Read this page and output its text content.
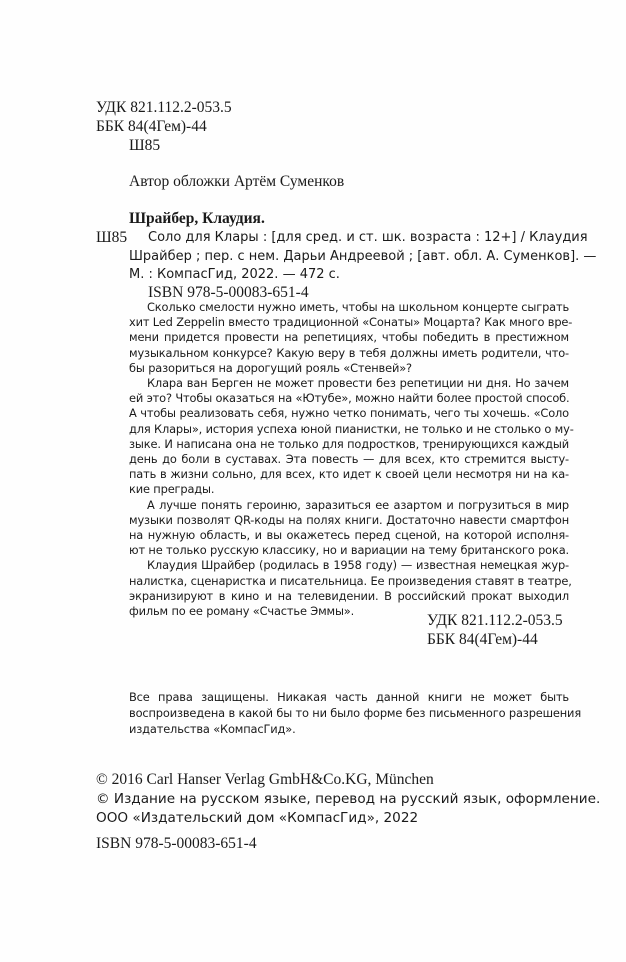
УДК 821.112.2-053.5
ББК 84(4Гем)-44
Ш85
Автор обложки Артём Суменков
Шрайбер, Клаудия.
Ш85 Соло для Клары : [для сред. и ст. шк. возраста : 12+] / Клаудия
Шрайбер ; пер. с нем. Дарьи Андреевой ; [авт. обл. А. Суменков]. —
М. : КомпасГид, 2022. — 472 с.
ISBN 978-5-00083-651-4

Сколько смелости нужно иметь, чтобы на школьном концерте сыграть
хит Led Zeppelin вместо традиционной «Сонаты» Моцарта? Как много вре-
мени придется провести на репетициях, чтобы победить в престижном
музыкальном конкурсе? Какую веру в тебя должны иметь родители, что-
бы разориться на дорогущий рояль «Стенвей»?

Клара ван Берген не может провести без репетиции ни дня. Но зачем
ей это? Чтобы оказаться на «Ютубе», можно найти более простой способ.
А чтобы реализовать себя, нужно четко понимать, чего ты хочешь. «Соло
для Клары», история успеха юной пианистки, не только и не столько о му-
зыке. И написана она не только для подростков, тренирующихся каждый
день до боли в суставах. Эта повесть — для всех, кто стремится высту-
пать в жизни сольно, для всех, кто идет к своей цели несмотря ни на ка-
кие преграды.

А лучше понять героиню, заразиться ее азартом и погрузиться в мир
музыки позволят QR-коды на полях книги. Достаточно навести смартфон
на нужную область, и вы окажетесь перед сценой, на которой исполня-
ют не только русскую классику, но и вариации на тему британского рока.

Клаудия Шрайбер (родилась в 1958 году) — известная немецкая жур-
налистка, сценаристка и писательница. Ее произведения ставят в театре,
экранизируют в кино и на телевидении. В российский прокат выходил
фильм по ее роману «Счастье Эммы».

УДК 821.112.2-053.5
ББК 84(4Гем)-44
Все права защищены. Никакая часть данной книги не может быть
воспроизведена в какой бы то ни было форме без письменного разрешения
издательства «КомпасГид».
© 2016 Carl Hanser Verlag GmbH&Co.KG, München
© Издание на русском языке, перевод на русский язык, оформление.
ООО «Издательский дом «КомпасГид», 2022
ISBN 978-5-00083-651-4
